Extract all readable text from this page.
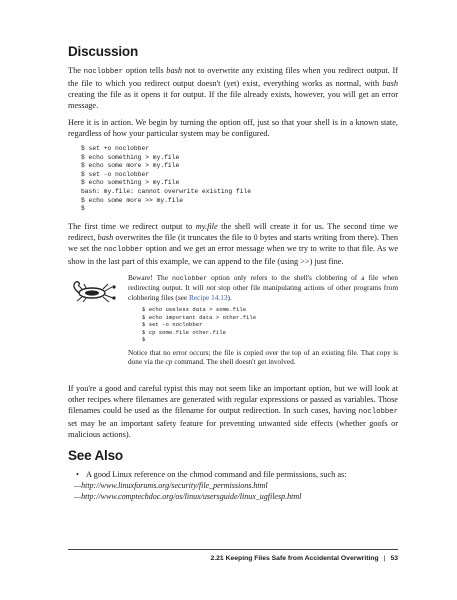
Discussion

The noclobber option tells bash not to overwrite any existing files when you redirect output. If the file to which you redirect output doesn't (yet) exist, everything works as normal, with bash creating the file as it opens it for output. If the file already exists, however, you will get an error message.

Here it is in action. We begin by turning the option off, just so that your shell is in a known state, regardless of how your particular system may be configured.

$ set +o noclobber
$ echo something > my.file
$ echo some more > my.file
$ set -o noclobber
$ echo something > my.file
bash: my.file: cannot overwrite existing file
$ echo some more >> my.file
$

The first time we redirect output to my.file the shell will create it for us. The second time we redirect, bash overwrites the file (it truncates the file to 0 bytes and starts writing from there). Then we set the noclobber option and we get an error message when we try to write to that file. As we show in the last part of this example, we can append to the file (using >>) just fine.

Beware! The noclobber option only refers to the shell's clobbering of a file when redirecting output. It will not stop other file manipulating actions of other programs from clobbering files (see Recipe 14.13).

$ echo useless data > some.file
$ echo important data > other.file
$ set -o noclobber
$ cp some.file other.file
$

Notice that no error occurs; the file is copied over the top of an existing file. That copy is done via the cp command. The shell doesn't get involved.

If you're a good and careful typist this may not seem like an important option, but we will look at other recipes where filenames are generated with regular expressions or passed as variables. Those filenames could be used as the filename for output redirection. In such cases, having noclobber set may be an important safety feature for preventing unwanted side effects (whether goofs or malicious actions).

See Also
• A good Linux reference on the chmod command and file permissions, such as:
—http://www.linuxforums.org/security/file_permissions.html
—http://www.comptechdoc.org/os/linux/usersguide/linux_ugfilesp.html
2.21 Keeping Files Safe from Accidental Overwriting | 53
